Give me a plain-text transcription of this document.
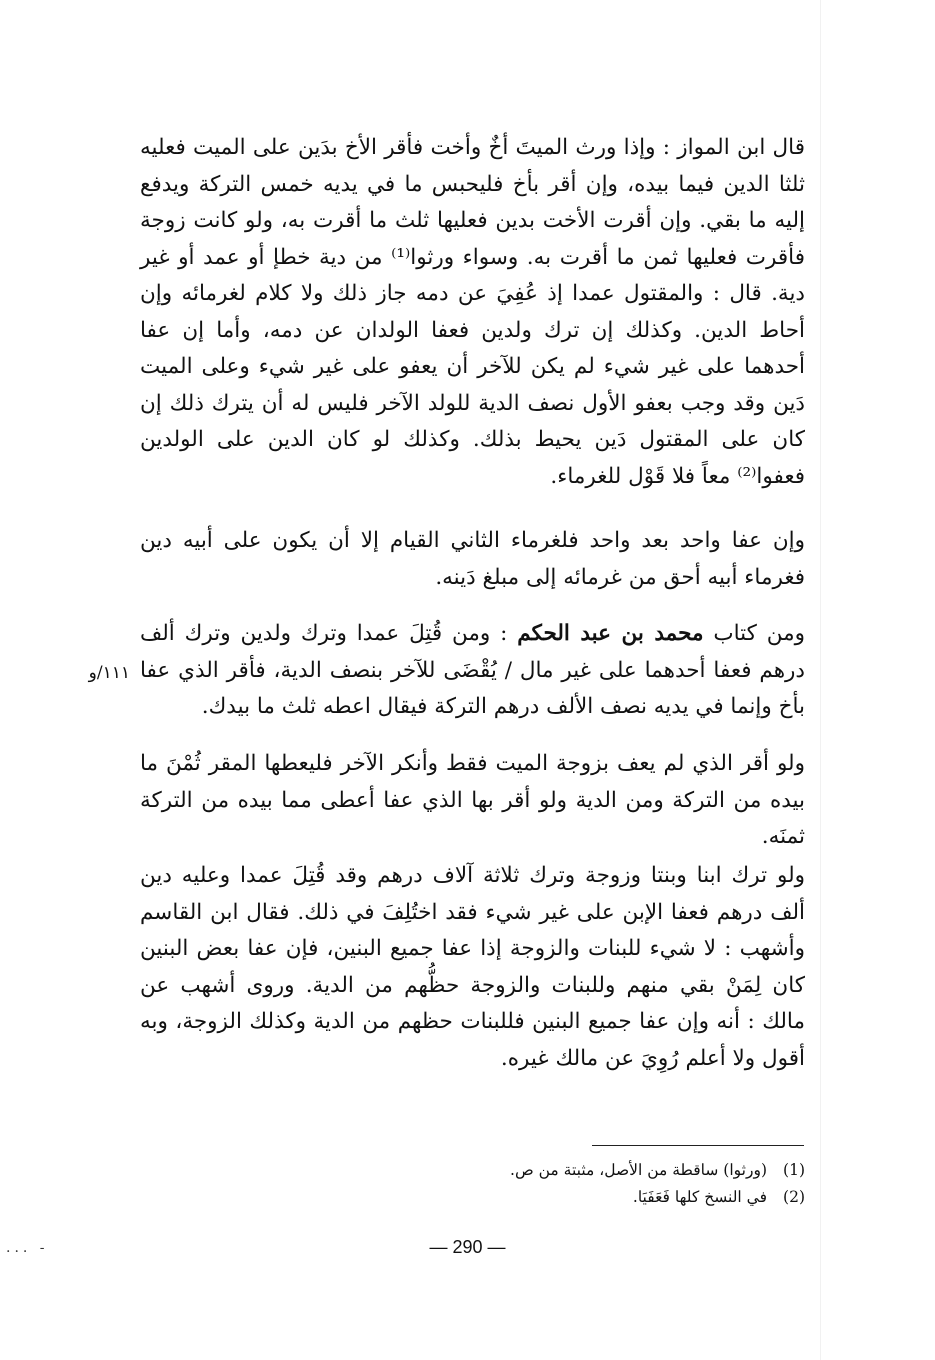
قال ابن المواز : وإذا ورث الميتَ أخٌ وأخت فأقر الأخ بدَين على الميت فعليه ثلثا الدين فيما بيده، وإن أقر بأخ فليحبس ما في يديه خمس التركة ويدفع إليه ما بقي. وإن أقرت الأخت بدين فعليها ثلث ما أقرت به، ولو كانت زوجة فأقرت فعليها ثمن ما أقرت به. وسواء ورثوا⁽¹⁾ من دية خطإ أو عمد أو غير دية. قال : والمقتول عمدا إذ عُفِيَ عن دمه جاز ذلك ولا كلام لغرمائه وإن أحاط الدين. وكذلك إن ترك ولدين فعفا الولدان عن دمه، وأما إن عفا أحدهما على غير شيء لم يكن للآخر أن يعفو على غير شيء وعلى الميت دَين وقد وجب بعفو الأول نصف الدية للولد الآخر فليس له أن يترك ذلك إن كان على المقتول دَين يحيط بذلك. وكذلك لو كان الدين على الولدين فعفوا⁽²⁾ معاً فلا قَوْل للغرماء.

وإن عفا واحد بعد واحد فلغرماء الثاني القيام إلا أن يكون على أبيه دين فغرماء أبيه أحق من غرمائه إلى مبلغ دَينه.

ومن كتاب محمد بن عبد الحكم : ومن قُتِلَ عمدا وترك ولدين وترك ألف درهم فعفا أحدهما على غير مال / يُقْضَى للآخر بنصف الدية، فأقر الذي عفا بأخ وإنما في يديه نصف الألف درهم التركة فيقال اعطه ثلث ما بيدك.

ولو أقر الذي لم يعف بزوجة الميت فقط وأنكر الآخر فليعطها المقر ثُمْنَ ما بيده من التركة ومن الدية ولو أقر بها الذي عفا أعطى مما بيده من التركة ثمنَه.

ولو ترك ابنا وبنتا وزوجة وترك ثلاثة آلاف درهم وقد قُتِلَ عمدا وعليه دين ألف درهم فعفا الإبن على غير شيء فقد اختُلِفَ في ذلك. فقال ابن القاسم وأشهب : لا شيء للبنات والزوجة إذا عفا جميع البنين، فإن عفا بعض البنين كان لِمَنْ بقي منهم وللبنات والزوجة حظُّهم من الدية. وروى أشهب عن مالك : أنه وإن عفا جميع البنين فللبنات حظهم من الدية وكذلك الزوجة، وبه أقول ولا أعلم رُوِيَ عن مالك غيره.

١١١/و
(1)
(ورثوا) ساقطة من الأصل، مثبتة من ص.
(2)
في النسخ كلها فَعَفَيَا.
— 290 —
... -
